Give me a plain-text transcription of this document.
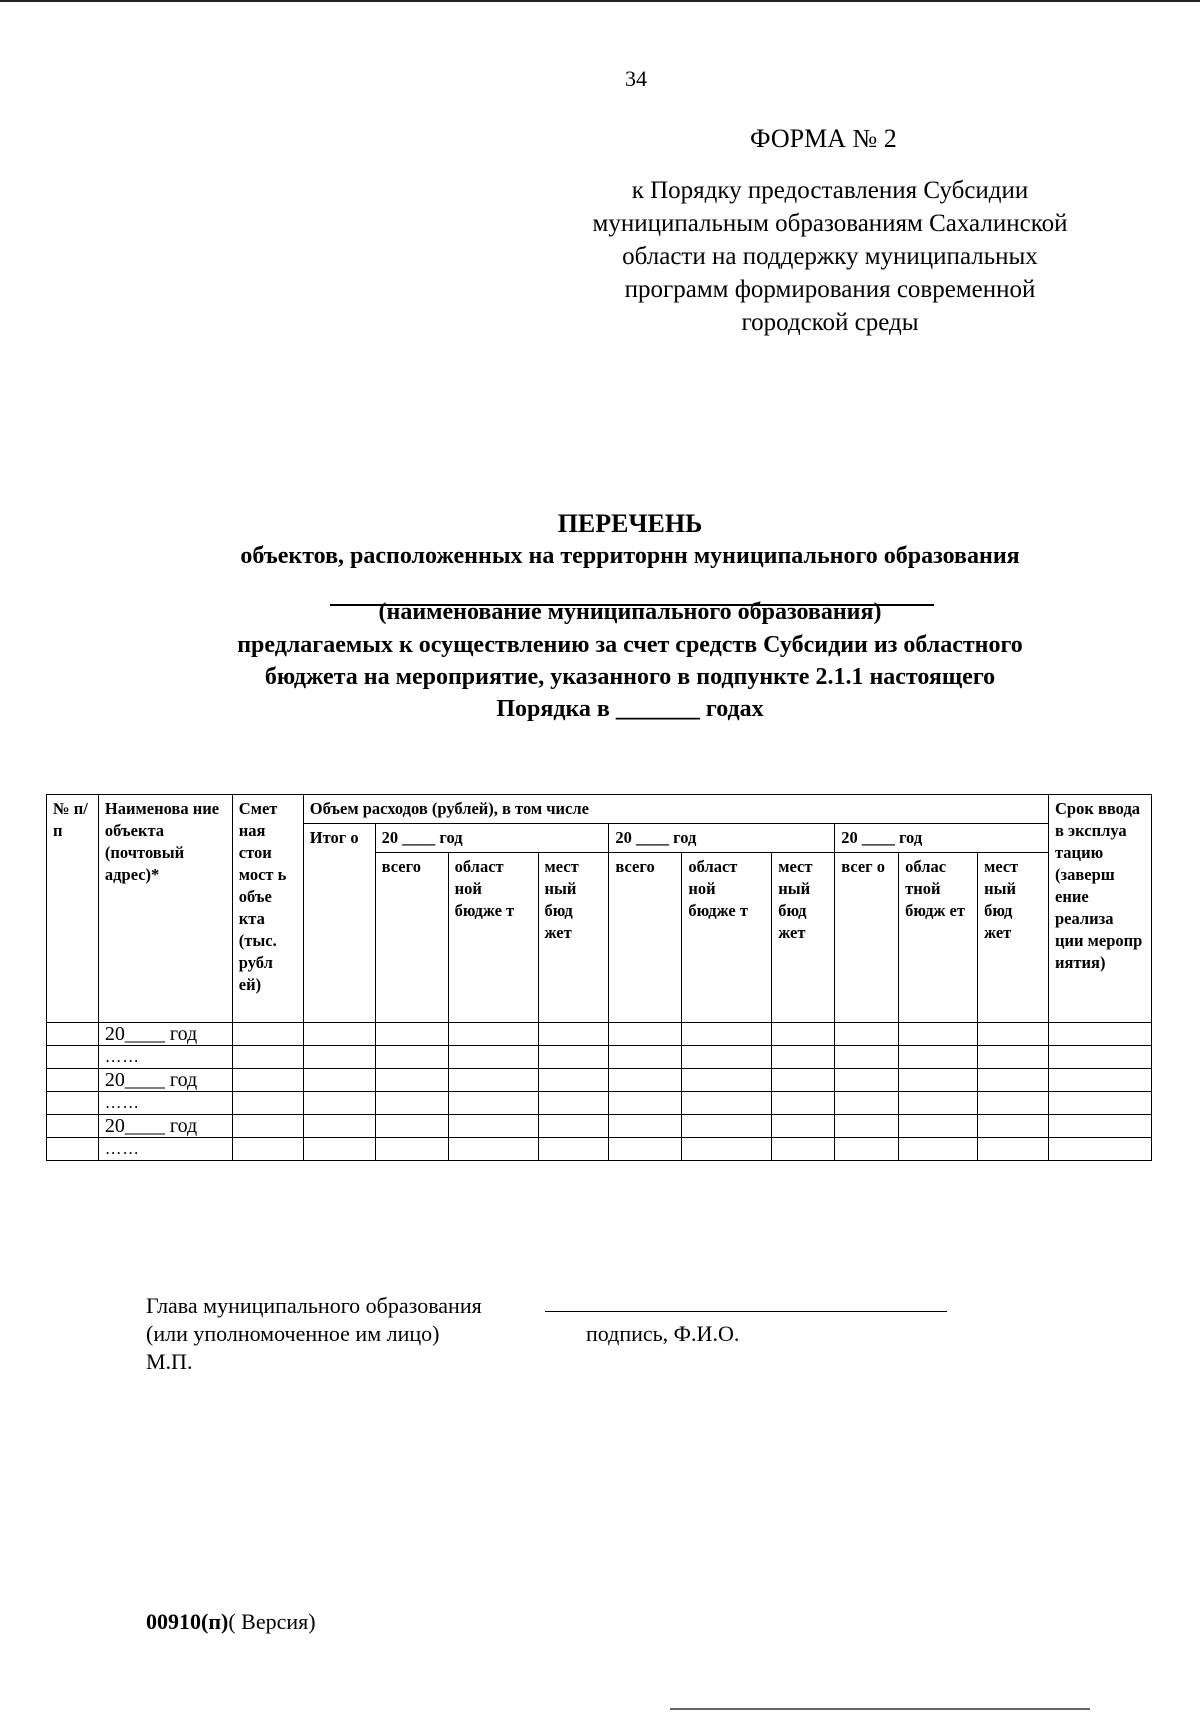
34
ФОРМА № 2
к Порядку предоставления Субсидии
муниципальным образованиям Сахалинской
области на поддержку муниципальных
программ формирования современной
городской среды
ПЕРЕЧЕНЬ
объектов, расположенных на территорнн муниципального образования
(наименование муниципального образования)
предлагаемых к осуществлению за счет средств Субсидии из областного
бюджета на мероприятие, указанного в подпункте 2.1.1 настоящего
Порядка в _______ годах
№ п/п	Наименова ние объекта (почтовый адрес)*	Смет ная стои мост ь объе кта (тыс. рубл ей)	Объем расходов (рублей), в том числе										Срок ввода в эксплуа тацию (заверш ение реализа ции меропр иятия)
			Итог о	20 ____ год			20 ____ год			20 ____ год			
				всего	област ной бюдже т	мест ный бюд жет	всего	област ной бюдже т	мест ный бюд жет	всег о	облас тной бюдж ет	мест ный бюд жет	
	20____ год												
	……												
	20____ год												
	……												
	20____ год												
	……												
Глава муниципального образования
(или уполномоченное им лицо)
М.П.
подпись, Ф.И.О.
00910(п)( Версия)
